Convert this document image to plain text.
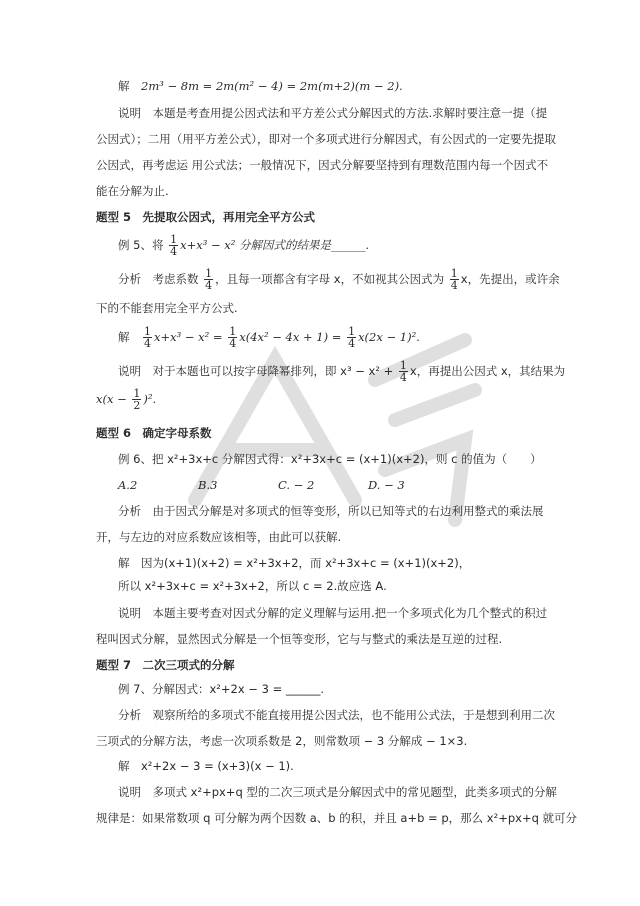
解　2m³ − 8m = 2m(m² − 4) = 2m(m+2)(m − 2).
说明　本题是考查用提公因式法和平方差公式分解因式的方法.求解时要注意一提（提
公因式）；二用（用平方差公式），即对一个多项式进行分解因式，有公因式的一定要先提取
公因式，再考虑运 用公式法；一般情况下，因式分解要坚持到有理数范围内每一个因式不
能在分解为止.
题型 5　先提取公因式，再用完全平方公式
例 5、将 $\frac{1}{4} x+x^3 - x^2$ 分解因式的结果是______.
分析　考虑系数 $\frac{1}{4}$ ，且每一项都含有字母 x，不如视其公因式为 $\frac{1}{4}$ x，先提出，或许余
下的不能套用完全平方公式.
解　 $\frac{1}{4} x+x^3 - x^2 = \frac{1}{4} x(4x^2 - 4x + 1) = \frac{1}{4} x(2x - 1)^2$.
说明　对于本题也可以按字母降幂排列，即 $x^3 - x^2 + \frac{1}{4}$ x，再提出公因式 x，其结果为
$x(x - \frac{1}{2} )^2$.
题型 6　确定字母系数
例 6、把 x²+3x+c 分解因式得：x²+3x+c = (x+1)(x+2)，则 c 的值为（　　）
A.2	B.3	C. − 2	D. − 3
分析　由于因式分解是对多项式的恒等变形，所以已知等式的右边利用整式的乘法展
开，与左边的对应系数应该相等，由此可以获解.
解　因为(x+1)(x+2) = x²+3x+2，而 x²+3x+c = (x+1)(x+2)，
所以 x²+3x+c = x²+3x+2，所以 c = 2.故应选 A.
说明　本题主要考查对因式分解的定义理解与运用.把一个多项式化为几个整式的积过
程叫因式分解，显然因式分解是一个恒等变形，它与与整式的乘法是互逆的过程.
题型 7　二次三项式的分解
例 7、分解因式：x²+2x − 3 = ______.
分析　观察所给的多项式不能直接用提公因式法，也不能用公式法，于是想到利用二次
三项式的分解方法，考虑一次项系数是 2，则常数项 − 3 分解成 − 1×3.
解　x²+2x − 3 = (x+3)(x − 1).
说明　多项式 x²+px+q 型的二次三项式是分解因式中的常见题型，此类多项式的分解
规律是：如果常数项 q 可分解为两个因数 a、b 的积，并且 a+b = p，那么 x²+px+q 就可分
